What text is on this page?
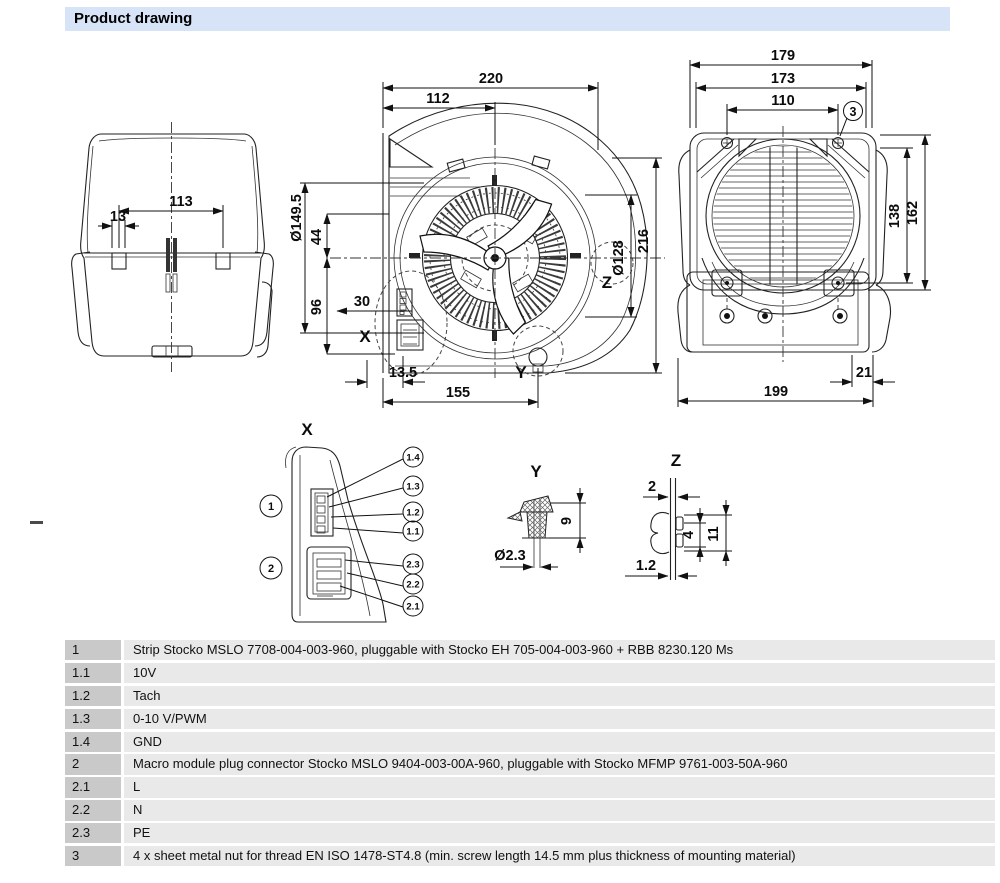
Product drawing
113
13
220
112
Ø149.5 44
96 30
X
13.5
155
Y
Ø128 216
Z
179
173
110
3
138 162
21
199
X
1
2
1.4
1.3
1.2
1.1
2.3
2.2
2.1
Y
9
Ø2.3
Z
2
4 11
1.2
1	Strip Stocko MSLO 7708-004-003-960, pluggable with Stocko EH 705-004-003-960 + RBB 8230.120 Ms
1.1	10V
1.2	Tach
1.3	0-10 V/PWM
1.4	GND
2	Macro module plug connector Stocko MSLO 9404-003-00A-960, pluggable with Stocko MFMP 9761-003-50A-960
2.1	L
2.2	N
2.3	PE
3	4 x sheet metal nut for thread EN ISO 1478-ST4.8 (min. screw length 14.5 mm plus thickness of mounting material)
